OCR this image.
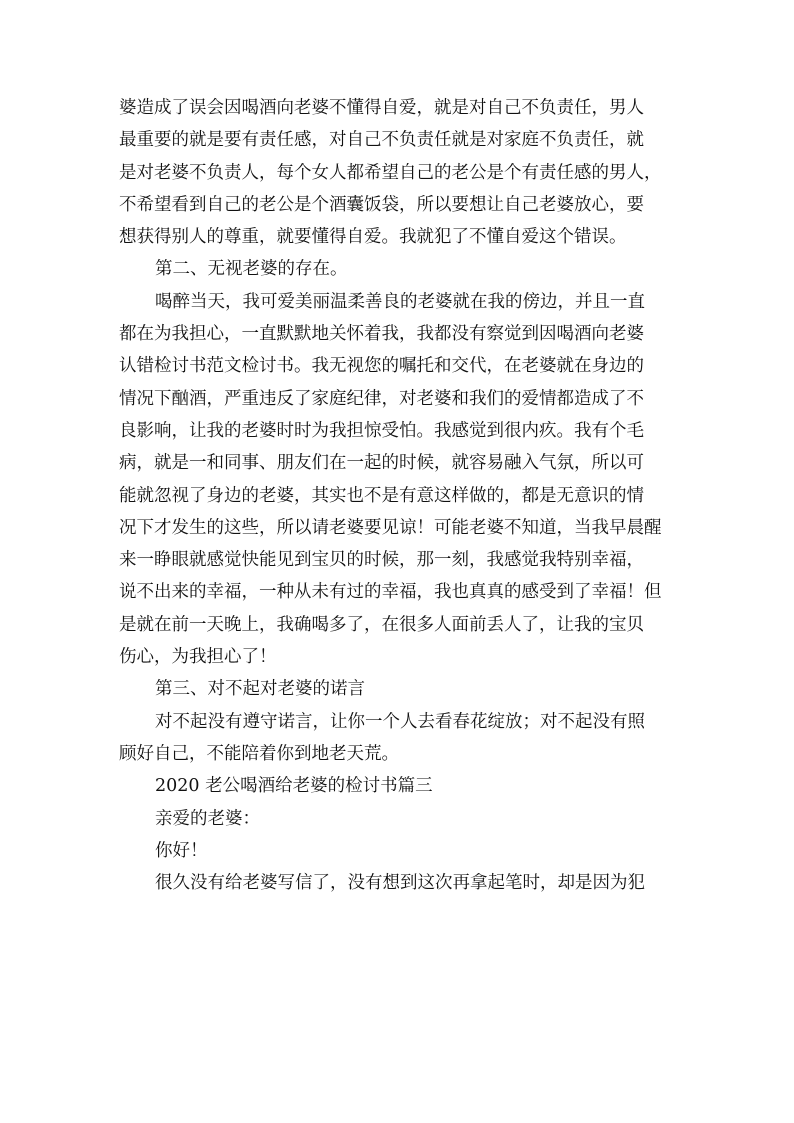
婆造成了误会因喝酒向老婆不懂得自爱，就是对自己不负责任，男人
最重要的就是要有责任感，对自己不负责任就是对家庭不负责任，就
是对老婆不负责人，每个女人都希望自己的老公是个有责任感的男人，
不希望看到自己的老公是个酒囊饭袋，所以要想让自己老婆放心，要
想获得别人的尊重，就要懂得自爱。我就犯了不懂自爱这个错误。
第二、无视老婆的存在。
喝醉当天，我可爱美丽温柔善良的老婆就在我的傍边，并且一直
都在为我担心，一直默默地关怀着我，我都没有察觉到因喝酒向老婆
认错检讨书范文检讨书。我无视您的嘱托和交代，在老婆就在身边的
情况下酗酒，严重违反了家庭纪律，对老婆和我们的爱情都造成了不
良影响，让我的老婆时时为我担惊受怕。我感觉到很内疚。我有个毛
病，就是一和同事、朋友们在一起的时候，就容易融入气氛，所以可
能就忽视了身边的老婆，其实也不是有意这样做的，都是无意识的情
况下才发生的这些，所以请老婆要见谅！可能老婆不知道，当我早晨醒
来一睁眼就感觉快能见到宝贝的时候，那一刻，我感觉我特别幸福，
说不出来的幸福，一种从未有过的幸福，我也真真的感受到了幸福！但
是就在前一天晚上，我确喝多了，在很多人面前丢人了，让我的宝贝
伤心，为我担心了！
第三、对不起对老婆的诺言
对不起没有遵守诺言，让你一个人去看春花绽放；对不起没有照
顾好自己，不能陪着你到地老天荒。
2020 老公喝酒给老婆的检讨书篇三
亲爱的老婆：
你好！
很久没有给老婆写信了，没有想到这次再拿起笔时，却是因为犯
